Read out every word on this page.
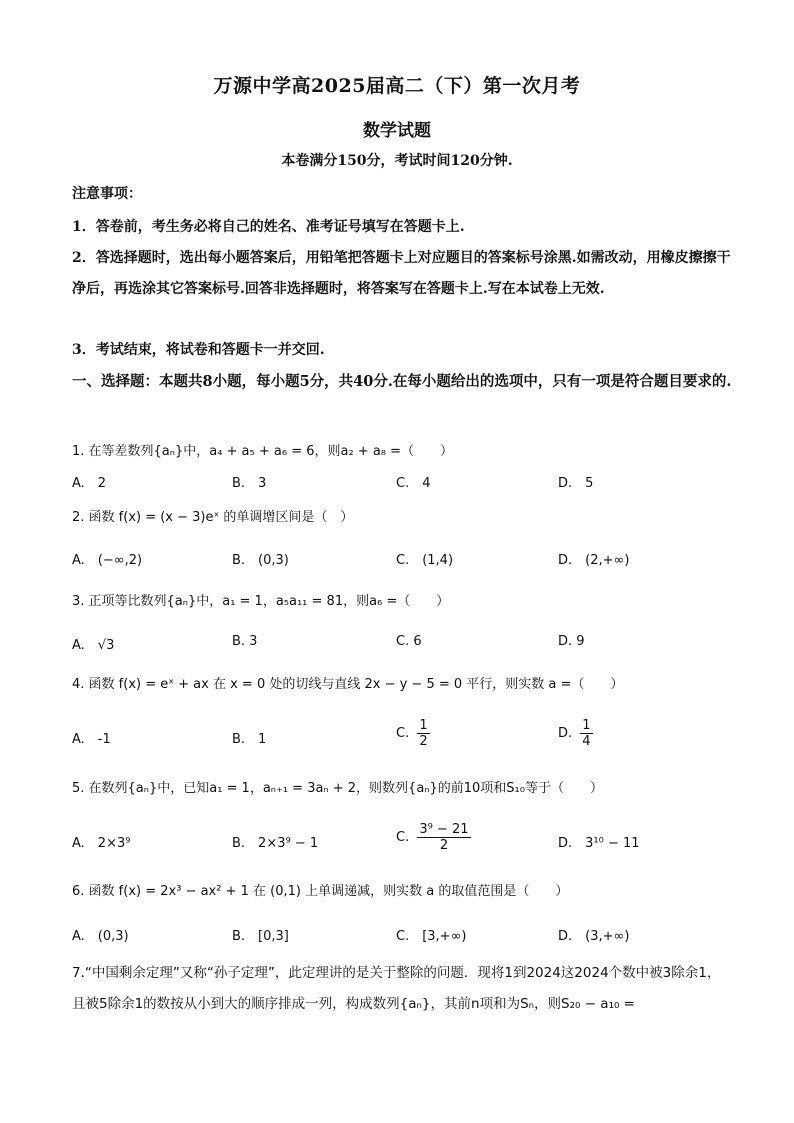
万源中学高2025届高二（下）第一次月考
数学试题
本卷满分150分，考试时间120分钟.
注意事项：
1．答卷前，考生务必将自己的姓名、准考证号填写在答题卡上.
2．答选择题时，选出每小题答案后，用铅笔把答题卡上对应题目的答案标号涂黑.如需改动，用橡皮擦擦干净后，再选涂其它答案标号.回答非选择题时，将答案写在答题卡上.写在本试卷上无效.
3．考试结束，将试卷和答题卡一并交回.
一、选择题：本题共8小题，每小题5分，共40分.在每小题给出的选项中，只有一项是符合题目要求的.
1. 在等差数列{aₙ}中，a₄ + a₅ + a₆ = 6，则a₂ + a₈ =（　　）
A.　2	B.　3	C.　4	D.　5
2. 函数 f(x) = (x − 3)eˣ 的单调增区间是（　）
A.　(−∞,2)	B.　(0,3)	C.　(1,4)	D.　(2,+∞)
3. 正项等比数列{aₙ}中，a₁ = 1，a₅a₁₁ = 81，则a₆ =（　　）
A.　√3	B. 3	C. 6	D. 9
4. 函数 f(x) = eˣ + ax 在 x = 0 处的切线与直线 2x − y − 5 = 0 平行，则实数 a =（　　）
A.　-1	B.　1	C. $\frac{1}{2}$	D. $\frac{1}{4}$
5. 在数列{aₙ}中，已知a₁ = 1，aₙ₊₁ = 3aₙ + 2，则数列{aₙ}的前10项和S₁₀等于（　　）
A.　2×3⁹	B.　2×3⁹ − 1	C. $\frac{\text{3⁹ − 21}}{2}$	D.　3¹⁰ − 11
6. 函数 f(x) = 2x³ − ax² + 1 在 (0,1) 上单调递减，则实数 a 的取值范围是（　　）
A.　(0,3)	B.　[0,3]	C.　[3,+∞)	D.　(3,+∞)
7.“中国剩余定理”又称“孙子定理”，此定理讲的是关于整除的问题．现将1到2024这2024个数中被3除余1，且被5除余1的数按从小到大的顺序排成一列，构成数列{aₙ}，其前n项和为Sₙ，则S₂₀ − a₁₀ =
